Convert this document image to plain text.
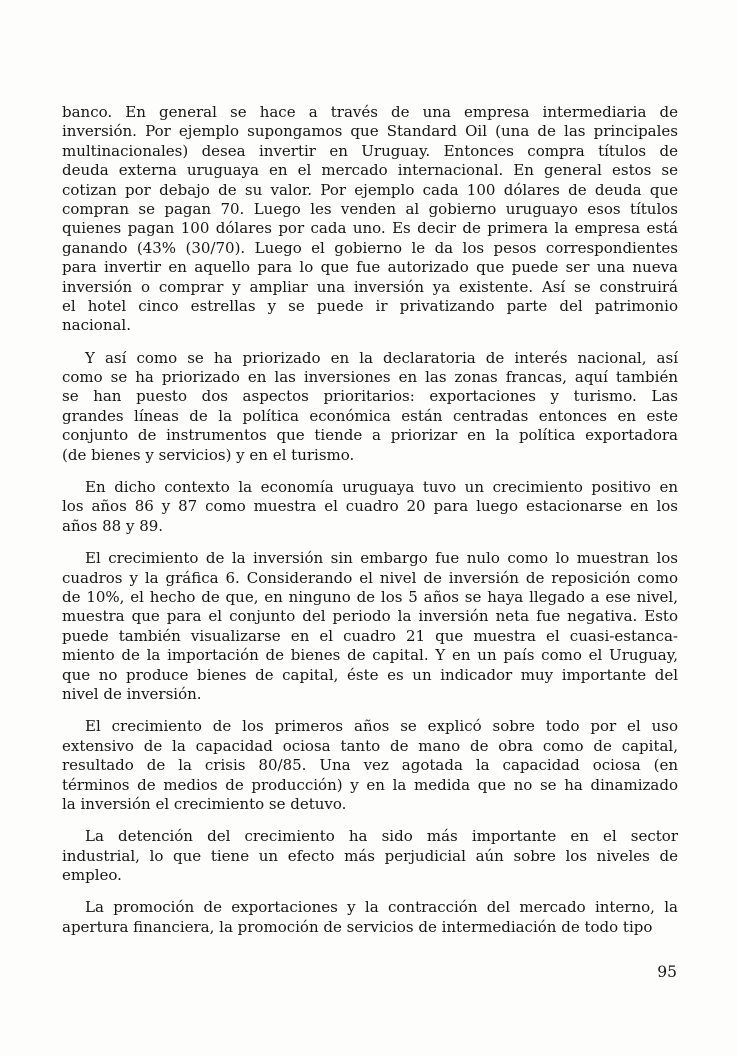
banco. En general se hace a través de una empresa intermediaria de
inversión. Por ejemplo supongamos que Standard Oil (una de las principales
multinacionales) desea invertir en Uruguay. Entonces compra títulos de
deuda externa uruguaya en el mercado internacional. En general estos se
cotizan por debajo de su valor. Por ejemplo cada 100 dólares de deuda que
compran se pagan 70. Luego les venden al gobierno uruguayo esos títulos
quienes pagan 100 dólares por cada uno. Es decir de primera la empresa está
ganando (43% (30/70). Luego el gobierno le da los pesos correspondientes
para invertir en aquello para lo que fue autorizado que puede ser una nueva
inversión o comprar y ampliar una inversión ya existente. Así se construirá
el hotel cinco estrellas y se puede ir privatizando parte del patrimonio
nacional.

Y así como se ha priorizado en la declaratoria de interés nacional, así
como se ha priorizado en las inversiones en las zonas francas, aquí también
se han puesto dos aspectos prioritarios: exportaciones y turismo. Las
grandes líneas de la política económica están centradas entonces en este
conjunto de instrumentos que tiende a priorizar en la política exportadora
(de bienes y servicios) y en el turismo.

En dicho contexto la economía uruguaya tuvo un crecimiento positivo en
los años 86 y 87 como muestra el cuadro 20 para luego estacionarse en los
años 88 y 89.

El crecimiento de la inversión sin embargo fue nulo como lo muestran los
cuadros y la gráfica 6. Considerando el nivel de inversión de reposición como
de 10%, el hecho de que, en ninguno de los 5 años se haya llegado a ese nivel,
muestra que para el conjunto del periodo la inversión neta fue negativa. Esto
puede también visualizarse en el cuadro 21 que muestra el cuasi-estanca-
miento de la importación de bienes de capital. Y en un país como el Uruguay,
que no produce bienes de capital, éste es un indicador muy importante del
nivel de inversión.

El crecimiento de los primeros años se explicó sobre todo por el uso
extensivo de la capacidad ociosa tanto de mano de obra como de capital,
resultado de la crisis 80/85. Una vez agotada la capacidad ociosa (en
términos de medios de producción) y en la medida que no se ha dinamizado
la inversión el crecimiento se detuvo.

La detención del crecimiento ha sido más importante en el sector
industrial, lo que tiene un efecto más perjudicial aún sobre los niveles de
empleo.

La promoción de exportaciones y la contracción del mercado interno, la
apertura financiera, la promoción de servicios de intermediación de todo tipo

95
